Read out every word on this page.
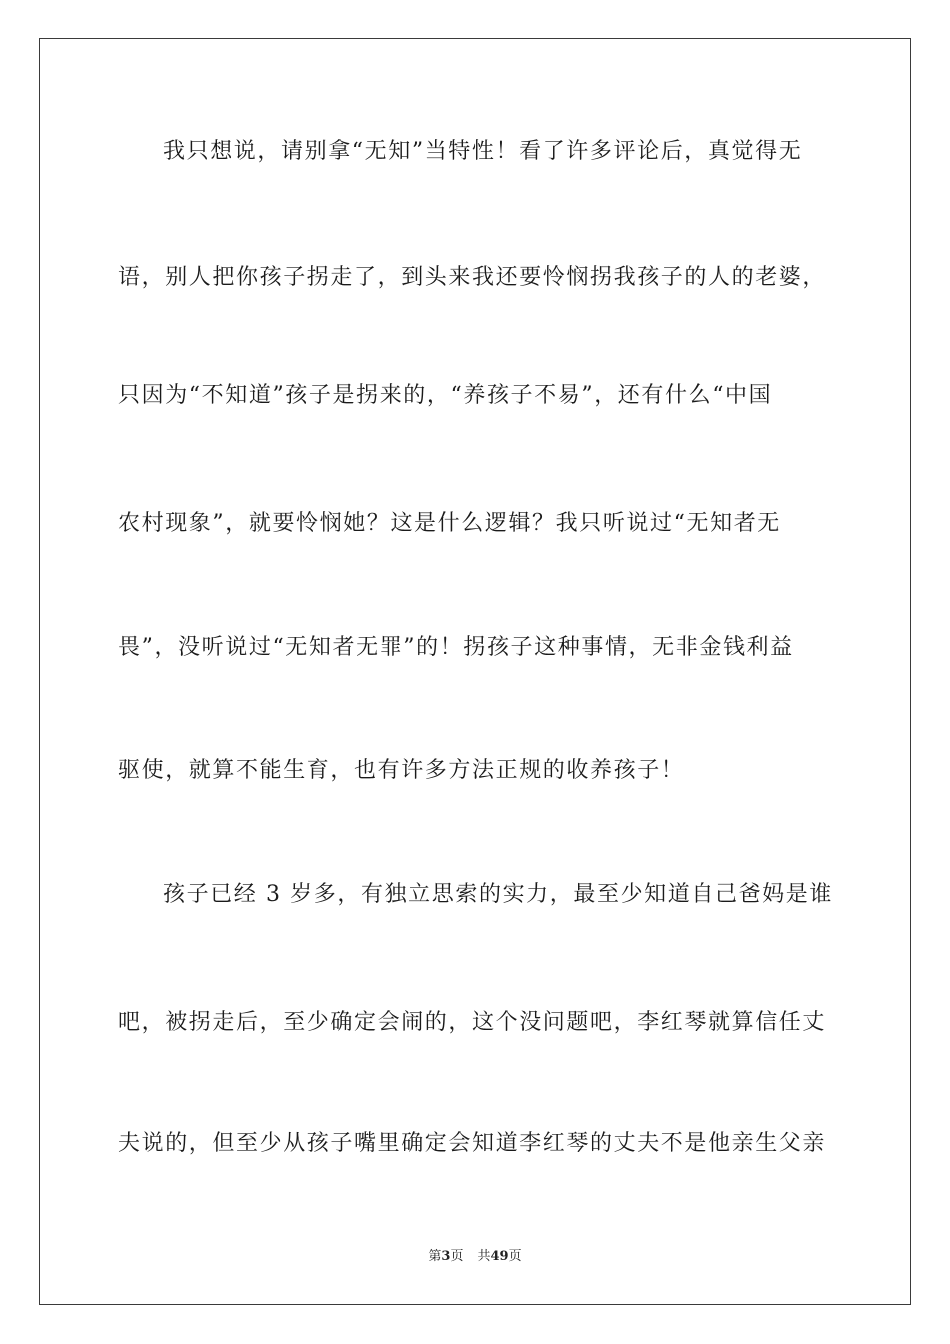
我只想说，请别拿“无知”当特性！看了许多评论后，真觉得无
语，别人把你孩子拐走了，到头来我还要怜悯拐我孩子的人的老婆，
只因为“不知道”孩子是拐来的，“养孩子不易”，还有什么“中国
农村现象”，就要怜悯她？这是什么逻辑？我只听说过“无知者无
畏”，没听说过“无知者无罪”的！拐孩子这种事情，无非金钱利益
驱使，就算不能生育，也有许多方法正规的收养孩子！
孩子已经 3 岁多，有独立思索的实力，最至少知道自己爸妈是谁
吧，被拐走后，至少确定会闹的，这个没问题吧，李红琴就算信任丈
夫说的，但至少从孩子嘴里确定会知道李红琴的丈夫不是他亲生父亲
第3页 共49页
